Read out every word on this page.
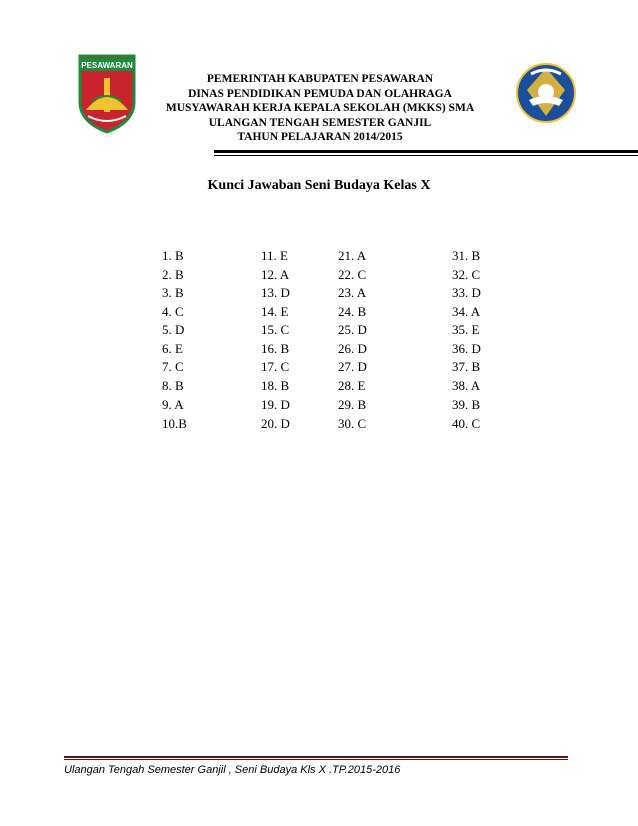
PESAWARAN
PEMERINTAH KABUPATEN PESAWARAN
DINAS PENDIDIKAN PEMUDA DAN OLAHRAGA
MUSYAWARAH KERJA KEPALA SEKOLAH (MKKS) SMA
ULANGAN TENGAH SEMESTER GANJIL
TAHUN PELAJARAN 2014/2015
Kunci Jawaban Seni Budaya Kelas X
1. B	11. E	21. A	31. B
2. B	12. A	22. C	32. C
3. B	13. D	23. A	33. D
4. C	14. E	24. B	34. A
5. D	15. C	25. D	35. E
6. E	16. B	26. D	36. D
7. C	17. C	27. D	37. B
8. B	18. B	28. E	38. A
9. A	19. D	29. B	39. B
10.B	20. D	30. C	40. C
Ulangan Tengah Semester Ganjil , Seni Budaya Kls X .TP.2015-2016
